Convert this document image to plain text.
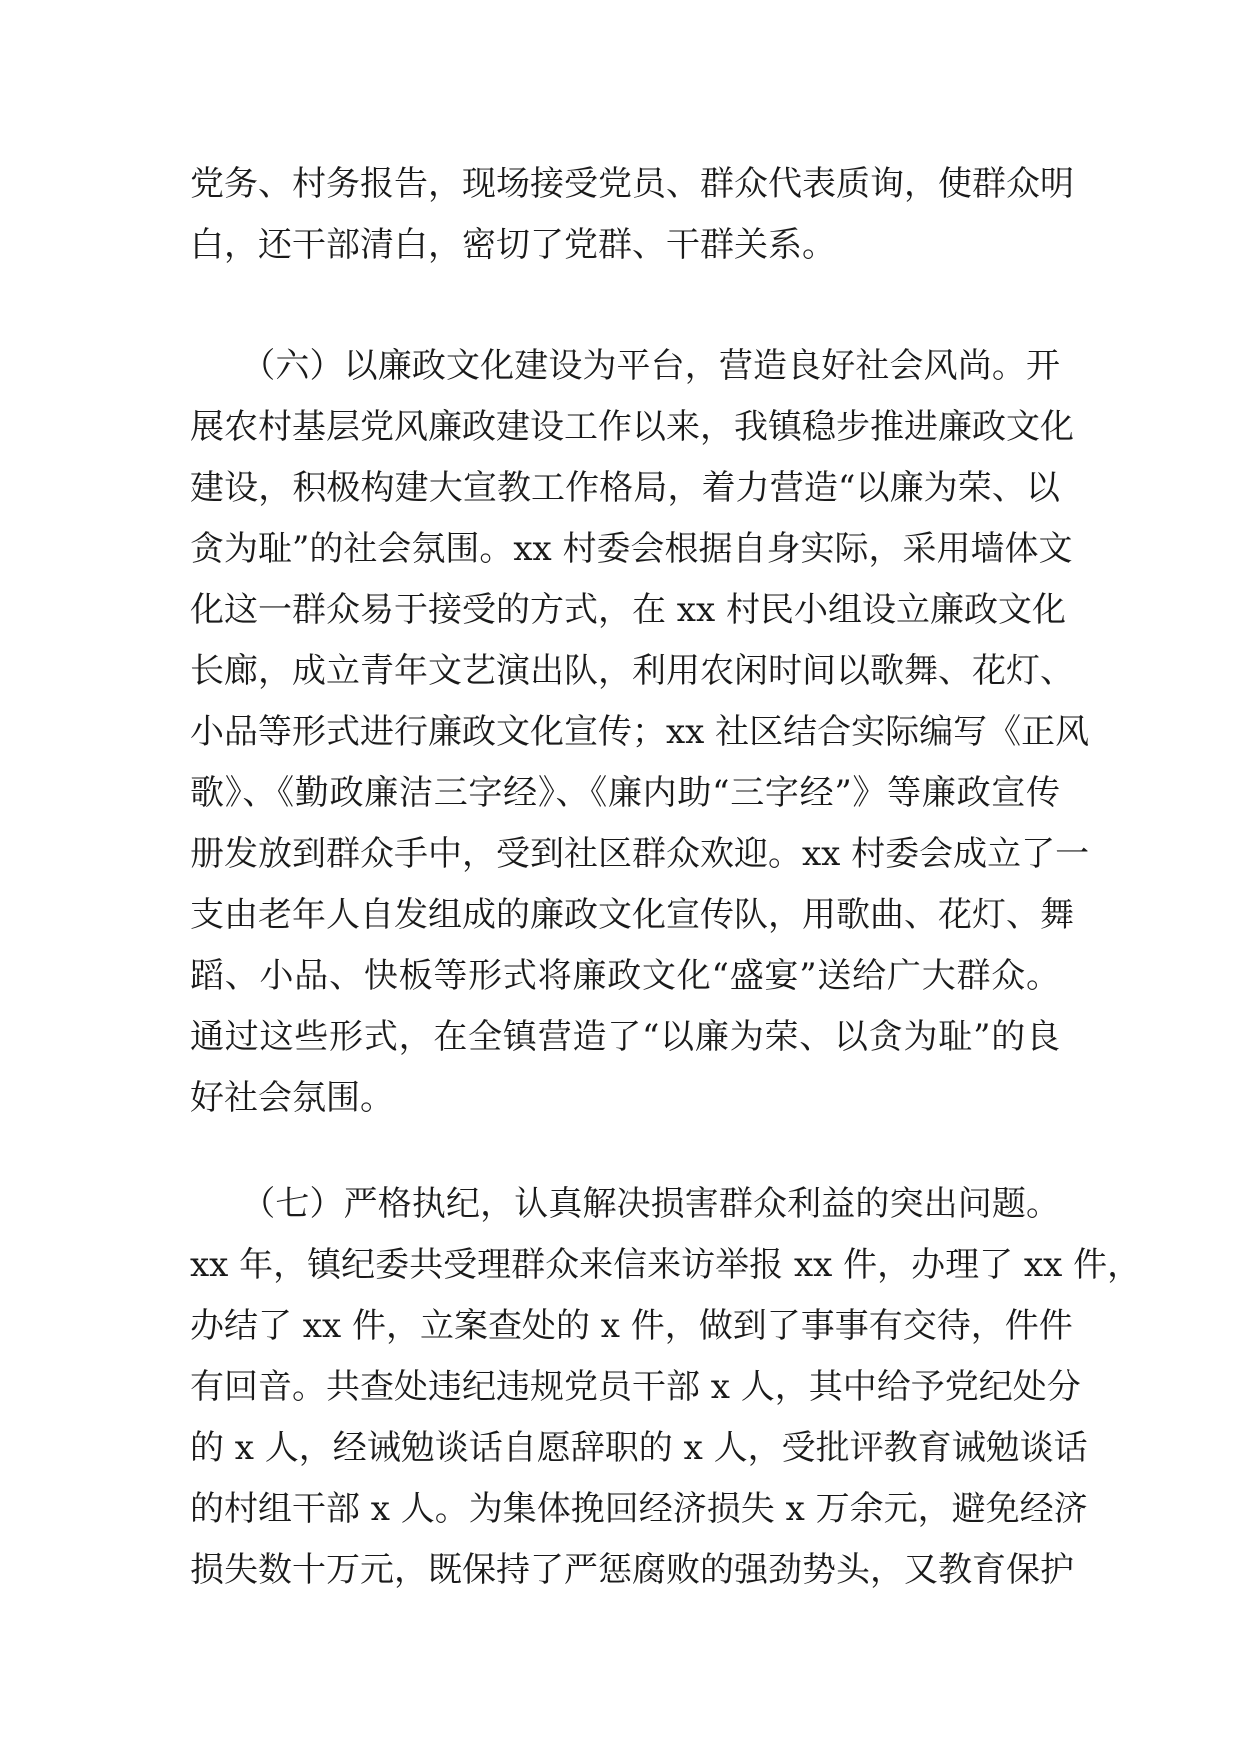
党务、村务报告，现场接受党员、群众代表质询，使群众明
白，还干部清白，密切了党群、干群关系。
　　（六）以廉政文化建设为平台，营造良好社会风尚。开
展农村基层党风廉政建设工作以来，我镇稳步推进廉政文化
建设，积极构建大宣教工作格局，着力营造“以廉为荣、以
贪为耻”的社会氛围。xx 村委会根据自身实际，采用墙体文
化这一群众易于接受的方式，在 xx 村民小组设立廉政文化
长廊，成立青年文艺演出队，利用农闲时间以歌舞、花灯、
小品等形式进行廉政文化宣传；xx 社区结合实际编写《正风
歌》、《勤政廉洁三字经》、《廉内助“三字经”》等廉政宣传
册发放到群众手中，受到社区群众欢迎。xx 村委会成立了一
支由老年人自发组成的廉政文化宣传队，用歌曲、花灯、舞
蹈、小品、快板等形式将廉政文化“盛宴”送给广大群众。
通过这些形式，在全镇营造了“以廉为荣、以贪为耻”的良
好社会氛围。
　　（七）严格执纪，认真解决损害群众利益的突出问题。
xx 年，镇纪委共受理群众来信来访举报 xx 件，办理了 xx 件，
办结了 xx 件，立案查处的 x 件，做到了事事有交待，件件
有回音。共查处违纪违规党员干部 x 人，其中给予党纪处分
的 x 人，经诫勉谈话自愿辞职的 x 人，受批评教育诫勉谈话
的村组干部 x 人。为集体挽回经济损失 x 万余元，避免经济
损失数十万元，既保持了严惩腐败的强劲势头，又教育保护
